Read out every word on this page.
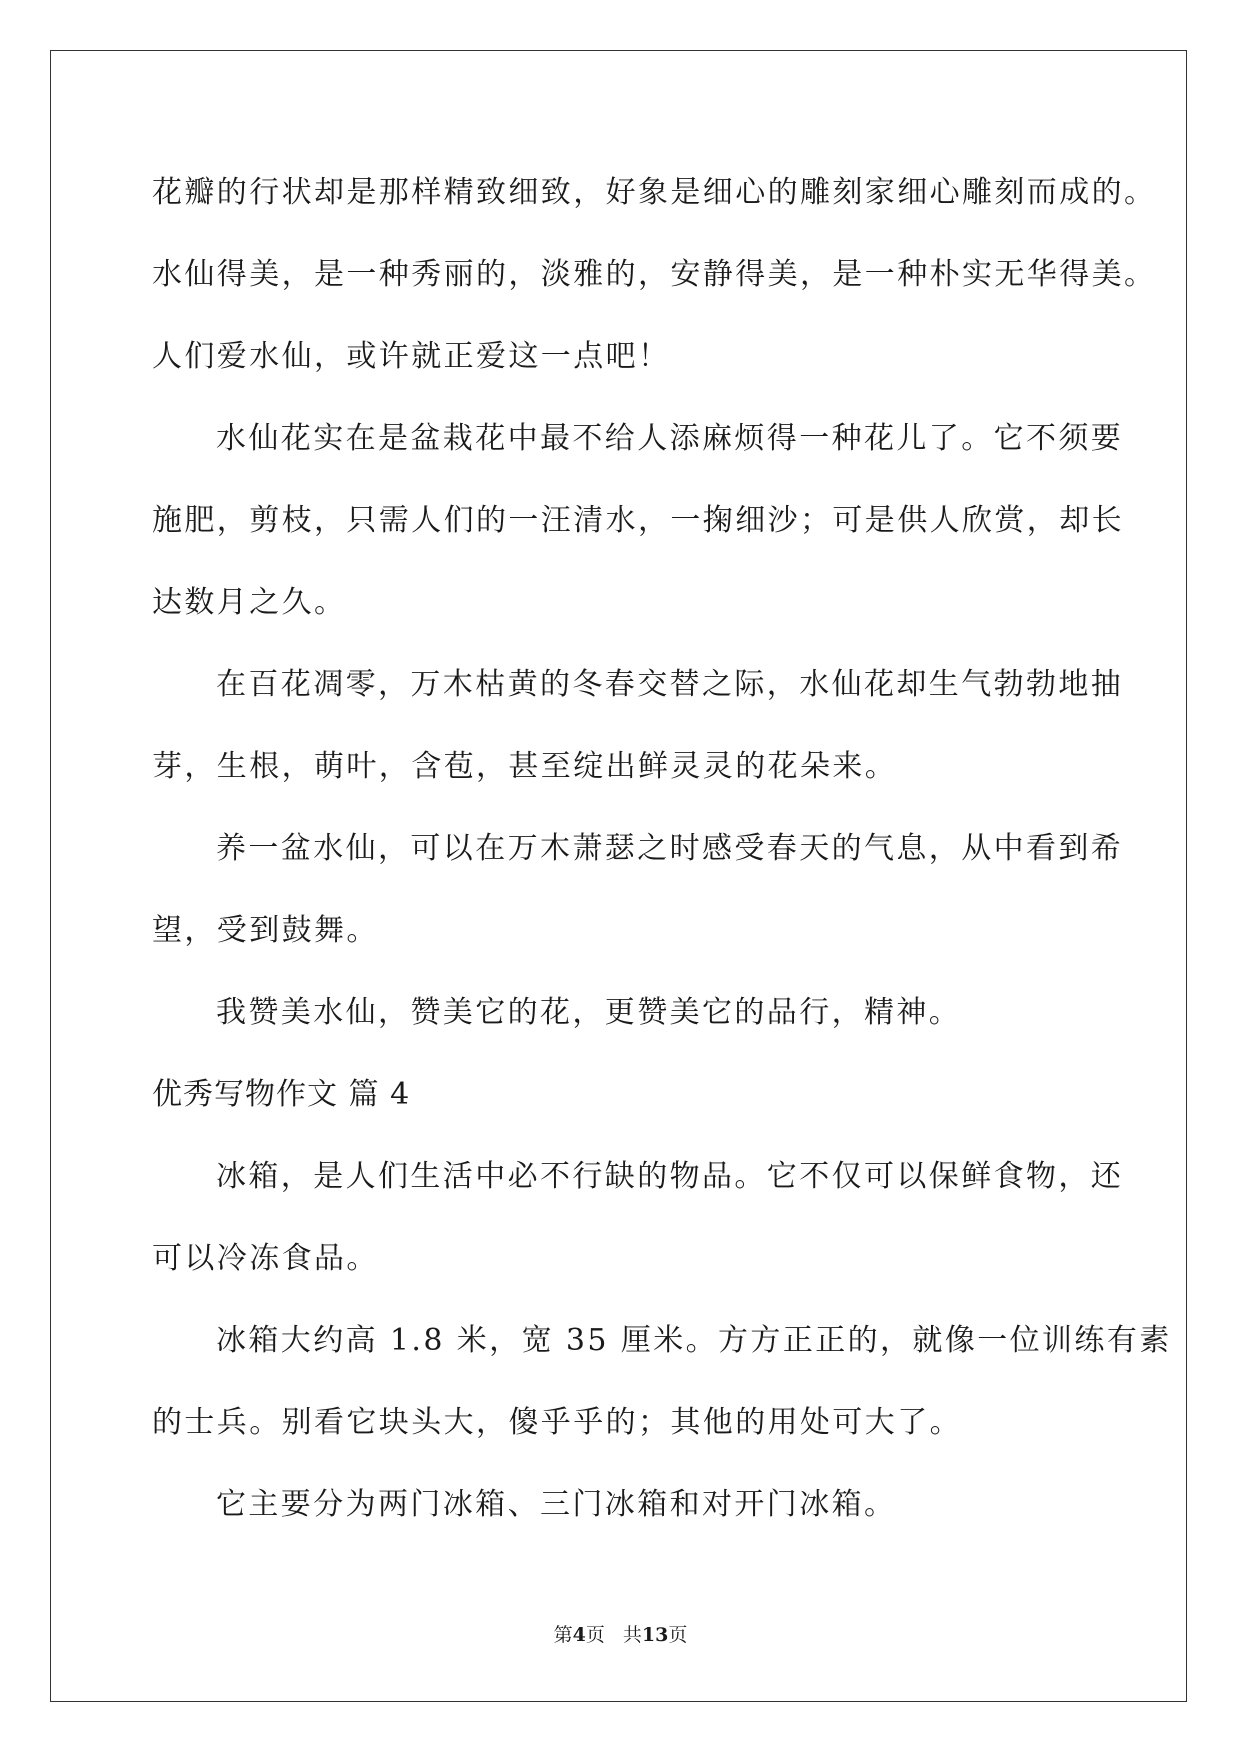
花瓣的行状却是那样精致细致，好象是细心的雕刻家细心雕刻而成的。

水仙得美，是一种秀丽的，淡雅的，安静得美，是一种朴实无华得美。

人们爱水仙，或许就正爱这一点吧！

水仙花实在是盆栽花中最不给人添麻烦得一种花儿了。它不须要

施肥，剪枝，只需人们的一汪清水，一掬细沙；可是供人欣赏，却长

达数月之久。

在百花凋零，万木枯黄的冬春交替之际，水仙花却生气勃勃地抽

芽，生根，萌叶，含苞，甚至绽出鲜灵灵的花朵来。

养一盆水仙，可以在万木萧瑟之时感受春天的气息，从中看到希

望，受到鼓舞。

我赞美水仙，赞美它的花，更赞美它的品行，精神。

优秀写物作文 篇 4

冰箱，是人们生活中必不行缺的物品。它不仅可以保鲜食物，还

可以冷冻食品。

冰箱大约高 1.8 米，宽 35 厘米。方方正正的，就像一位训练有素

的士兵。别看它块头大，傻乎乎的；其他的用处可大了。

它主要分为两门冰箱、三门冰箱和对开门冰箱。

第4页 共13页
